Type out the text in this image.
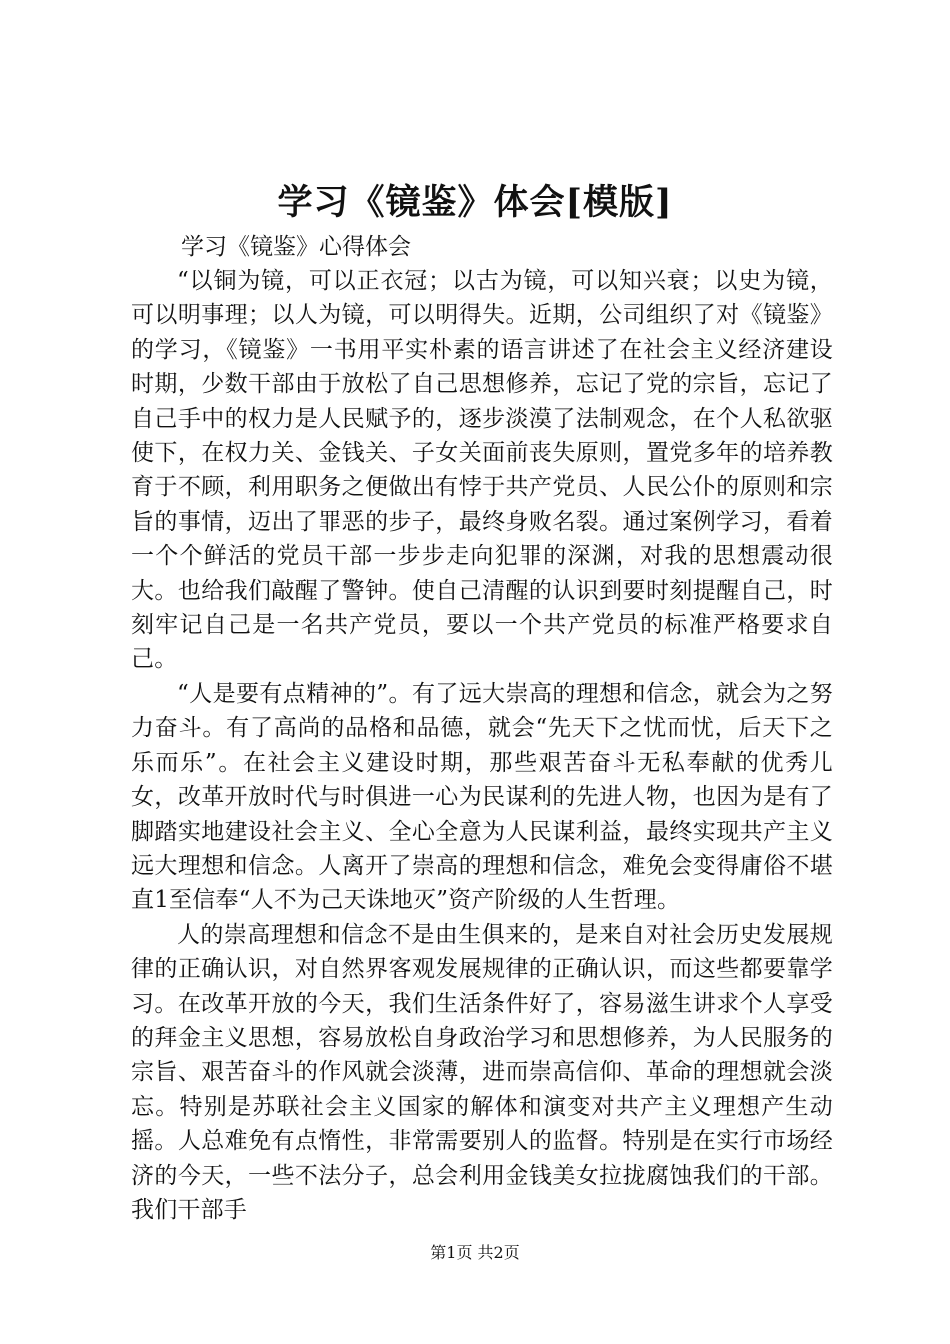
学习《镜鉴》体会[模版]

学习《镜鉴》心得体会

“以铜为镜，可以正衣冠；以古为镜，可以知兴衰；以史为镜，可以明事理；以人为镜，可以明得失。近期，公司组织了对《镜鉴》的学习，《镜鉴》一书用平实朴素的语言讲述了在社会主义经济建设时期，少数干部由于放松了自己思想修养，忘记了党的宗旨，忘记了自己手中的权力是人民赋予的，逐步淡漠了法制观念，在个人私欲驱使下，在权力关、金钱关、子女关面前丧失原则，置党多年的培养教育于不顾，利用职务之便做出有悖于共产党员、人民公仆的原则和宗旨的事情，迈出了罪恶的步子，最终身败名裂。通过案例学习，看着一个个鲜活的党员干部一步步走向犯罪的深渊，对我的思想震动很大。也给我们敲醒了警钟。使自己清醒的认识到要时刻提醒自己，时刻牢记自己是一名共产党员，要以一个共产党员的标准严格要求自己。

“人是要有点精神的”。有了远大崇高的理想和信念，就会为之努力奋斗。有了高尚的品格和品德，就会“先天下之忧而忧，后天下之乐而乐”。在社会主义建设时期，那些艰苦奋斗无私奉献的优秀儿女，改革开放时代与时俱进一心为民谋利的先进人物，也因为是有了脚踏实地建设社会主义、全心全意为人民谋利益，最终实现共产主义远大理想和信念。人离开了崇高的理想和信念，难免会变得庸俗不堪直1至信奉“人不为己天诛地灭”资产阶级的人生哲理。

人的崇高理想和信念不是由生俱来的，是来自对社会历史发展规律的正确认识，对自然界客观发展规律的正确认识，而这些都要靠学习。在改革开放的今天，我们生活条件好了，容易滋生讲求个人享受的拜金主义思想，容易放松自身政治学习和思想修养，为人民服务的宗旨、艰苦奋斗的作风就会淡薄，进而崇高信仰、革命的理想就会淡忘。特别是苏联社会主义国家的解体和演变对共产主义理想产生动摇。人总难免有点惰性，非常需要别人的监督。特别是在实行市场经济的今天，一些不法分子，总会利用金钱美女拉拢腐蚀我们的干部。我们干部手

第1页 共2页
